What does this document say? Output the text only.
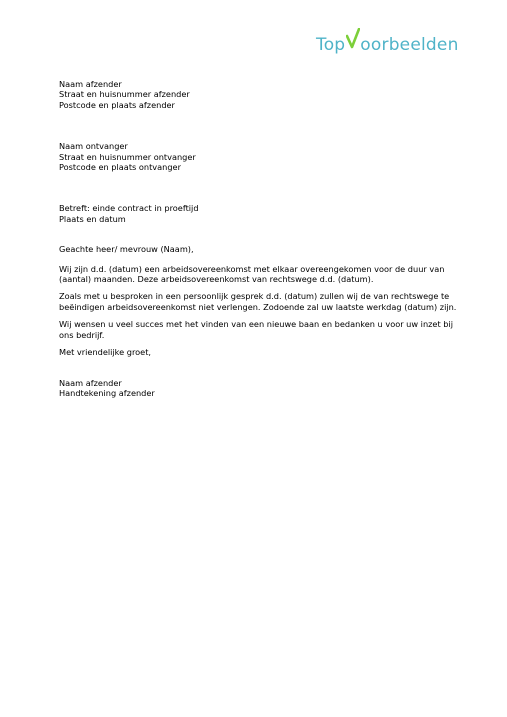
Top oorbeelden
Naam afzender
Straat en huisnummer afzender
Postcode en plaats afzender
Naam ontvanger
Straat en huisnummer ontvanger
Postcode en plaats ontvanger
Betreft: einde contract in proeftijd
Plaats en datum
Geachte heer/ mevrouw (Naam),
Wij zijn d.d. (datum) een arbeidsovereenkomst met elkaar overeengekomen voor de duur van (aantal) maanden. Deze arbeidsovereenkomst van rechtswege d.d. (datum).
Zoals met u besproken in een persoonlijk gesprek d.d. (datum) zullen wij de van rechtswege te beëindigen arbeidsovereenkomst niet verlengen. Zodoende zal uw laatste werkdag (datum) zijn.
Wij wensen u veel succes met het vinden van een nieuwe baan en bedanken u voor uw inzet bij ons bedrijf.
Met vriendelijke groet,
Naam afzender
Handtekening afzender
